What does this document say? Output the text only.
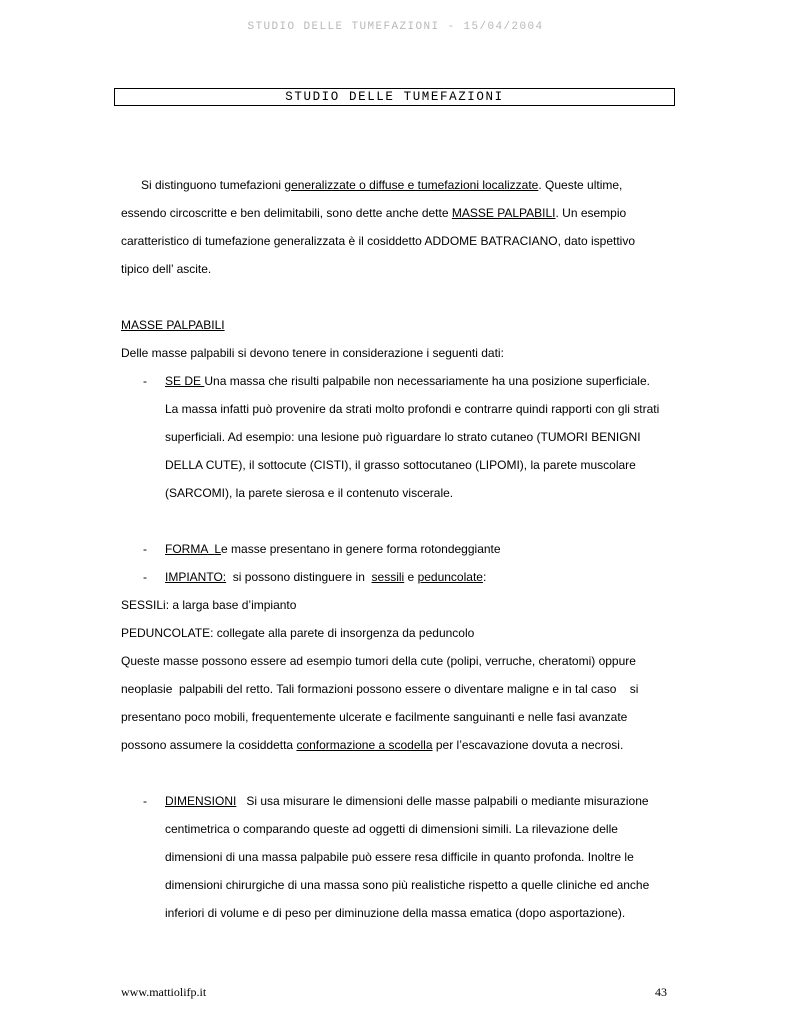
STUDIO DELLE TUMEFAZIONI - 15/04/2004
STUDIO DELLE TUMEFAZIONI

Si distinguono tumefazioni generalizzate o diffuse e tumefazioni localizzate. Queste ultime,

essendo circoscritte e ben delimitabili, sono dette anche dette MASSE PALPABILI. Un esempio

caratteristico di tumefazione generalizzata è il cosiddetto ADDOME BATRACIANO, dato ispettivo

tipico dell’ ascite.

MASSE PALPABILI

Delle masse palpabili si devono tenere in considerazione i seguenti dati:

- SE DE Una massa che risulti palpabile non necessariamente ha una posizione superficiale.

La massa infatti può provenire da strati molto profondi e contrarre quindi rapporti con gli strati

superficiali. Ad esempio: una lesione può rìguardare lo strato cutaneo (TUMORI BENIGNI

DELLA CUTE), il sottocute (CISTI), il grasso sottocutaneo (LIPOMI), la parete muscolare

(SARCOMI), la parete sierosa e il contenuto viscerale.

- FORMA Le masse presentano in genere forma rotondeggiante

- IMPIANTO:  si possono distinguere in  sessili e peduncolate:

SESSILi: a larga base d’impianto

PEDUNCOLATE: collegate alla parete di insorgenza da peduncolo

Queste masse possono essere ad esempio tumori della cute (polipi, verruche, cheratomi) oppure

neoplasie  palpabili del retto. Tali formazioni possono essere o diventare maligne e in tal caso    si

presentano poco mobili, frequentemente ulcerate e facilmente sanguinanti e nelle fasi avanzate

possono assumere la cosiddetta conformazione a scodella per l’escavazione dovuta a necrosi.

- DIMENSIONI   Si usa misurare le dimensioni delle masse palpabili o mediante misurazione

centimetrica o comparando queste ad oggetti di dimensioni simili. La rilevazione delle

dimensioni di una massa palpabile può essere resa difficile in quanto profonda. Inoltre le

dimensioni chirurgiche di una massa sono più realistiche rispetto a quelle cliniche ed anche

inferiori di volume e di peso per diminuzione della massa ematica (dopo asportazione).

www.mattiolifp.it	43
